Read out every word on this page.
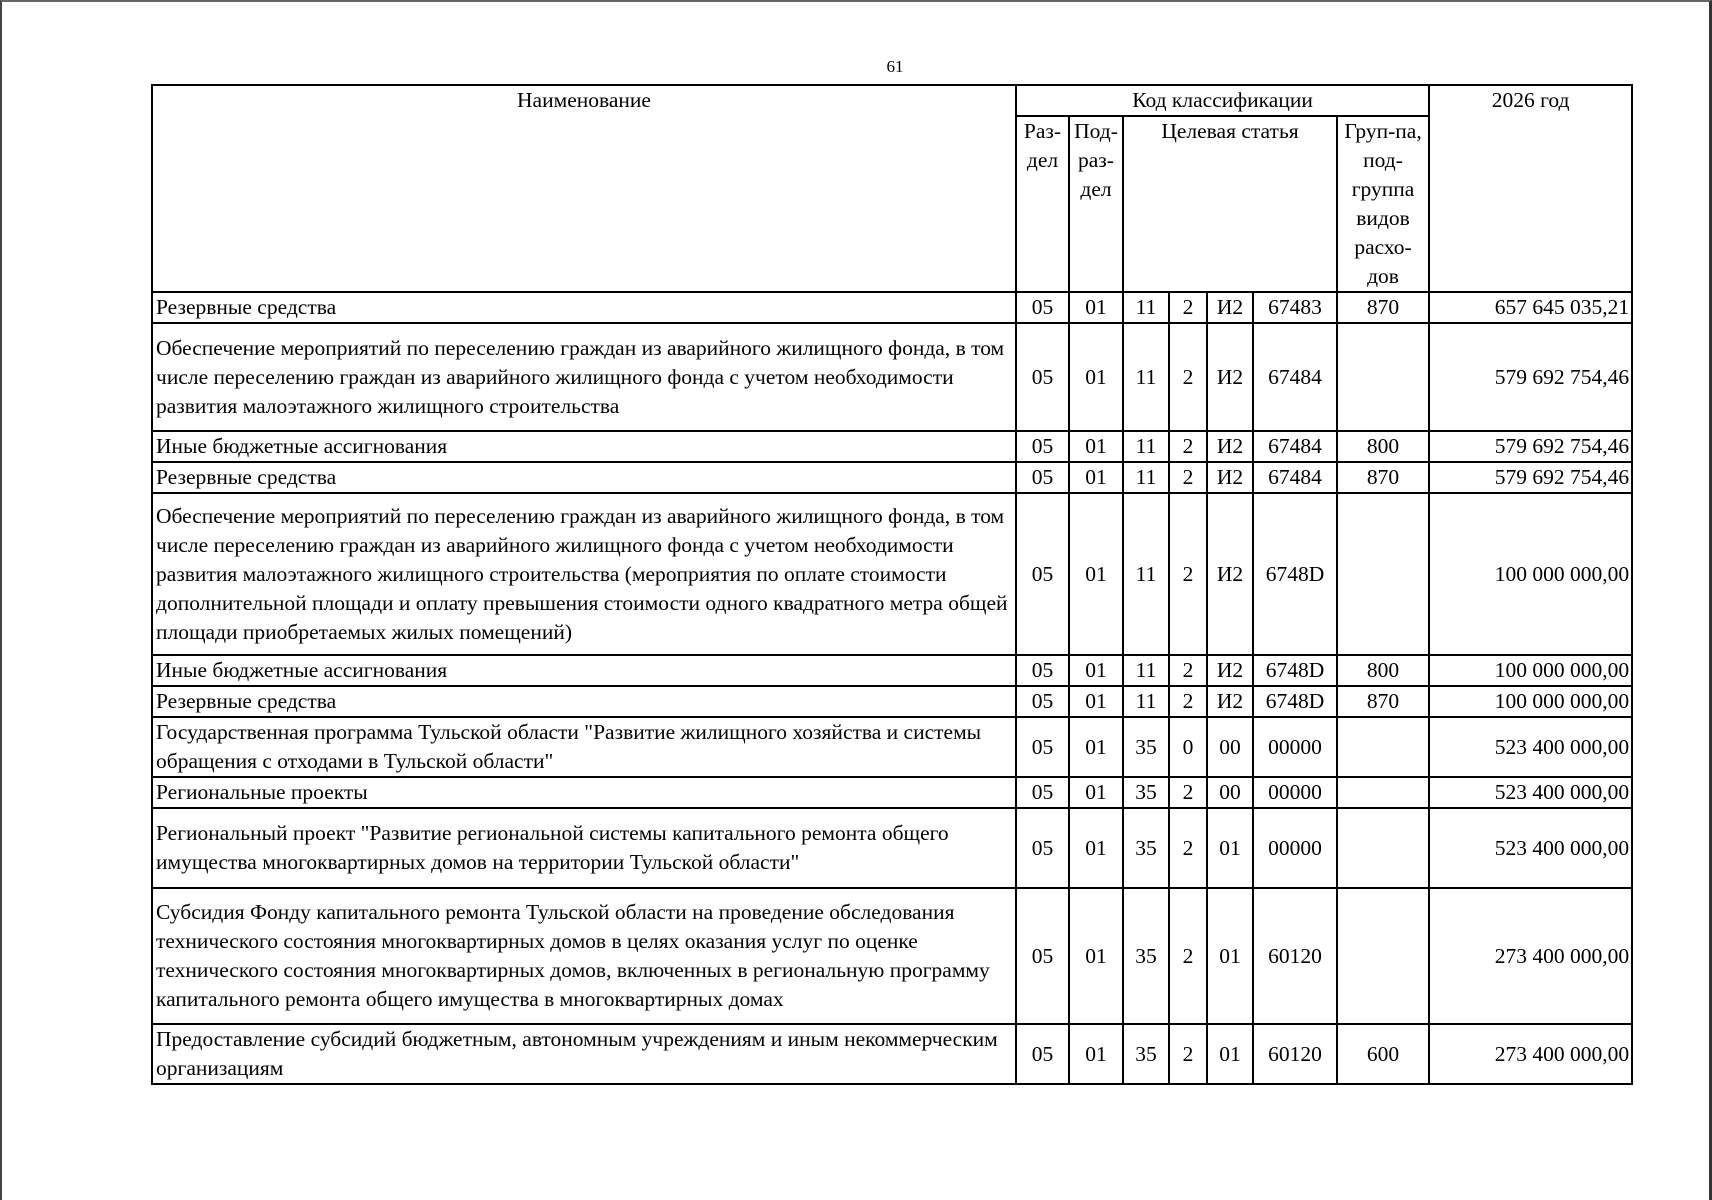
61
Наименование	Код классификации							2026 год
	Раз-дел	Под-раз-дел	Целевая статья				Груп-па, под-группа видов расхо-дов	
Резервные средства	05	01	11	2	И2	67483	870	657 645 035,21
Обеспечение мероприятий по переселению граждан из аварийного жилищного фонда, в том числе переселению граждан из аварийного жилищного фонда с учетом необходимости развития малоэтажного жилищного строительства	05	01	11	2	И2	67484		579 692 754,46
Иные бюджетные ассигнования	05	01	11	2	И2	67484	800	579 692 754,46
Резервные средства	05	01	11	2	И2	67484	870	579 692 754,46
Обеспечение мероприятий по переселению граждан из аварийного жилищного фонда, в том числе переселению граждан из аварийного жилищного фонда с учетом необходимости развития малоэтажного жилищного строительства (мероприятия по оплате стоимости дополнительной площади и оплату превышения стоимости одного квадратного метра общей площади приобретаемых жилых помещений)	05	01	11	2	И2	6748D		100 000 000,00
Иные бюджетные ассигнования	05	01	11	2	И2	6748D	800	100 000 000,00
Резервные средства	05	01	11	2	И2	6748D	870	100 000 000,00
Государственная программа Тульской области "Развитие жилищного хозяйства и системы обращения с отходами в Тульской области"	05	01	35	0	00	00000		523 400 000,00
Региональные проекты	05	01	35	2	00	00000		523 400 000,00
Региональный проект "Развитие региональной системы капитального ремонта общего имущества многоквартирных домов на территории Тульской области"	05	01	35	2	01	00000		523 400 000,00
Субсидия Фонду капитального ремонта Тульской области на проведение обследования технического состояния многоквартирных домов в целях оказания услуг по оценке технического состояния многоквартирных домов, включенных в региональную программу капитального ремонта общего имущества в многоквартирных домах	05	01	35	2	01	60120		273 400 000,00
Предоставление субсидий бюджетным, автономным учреждениям и иным некоммерческим организациям	05	01	35	2	01	60120	600	273 400 000,00
